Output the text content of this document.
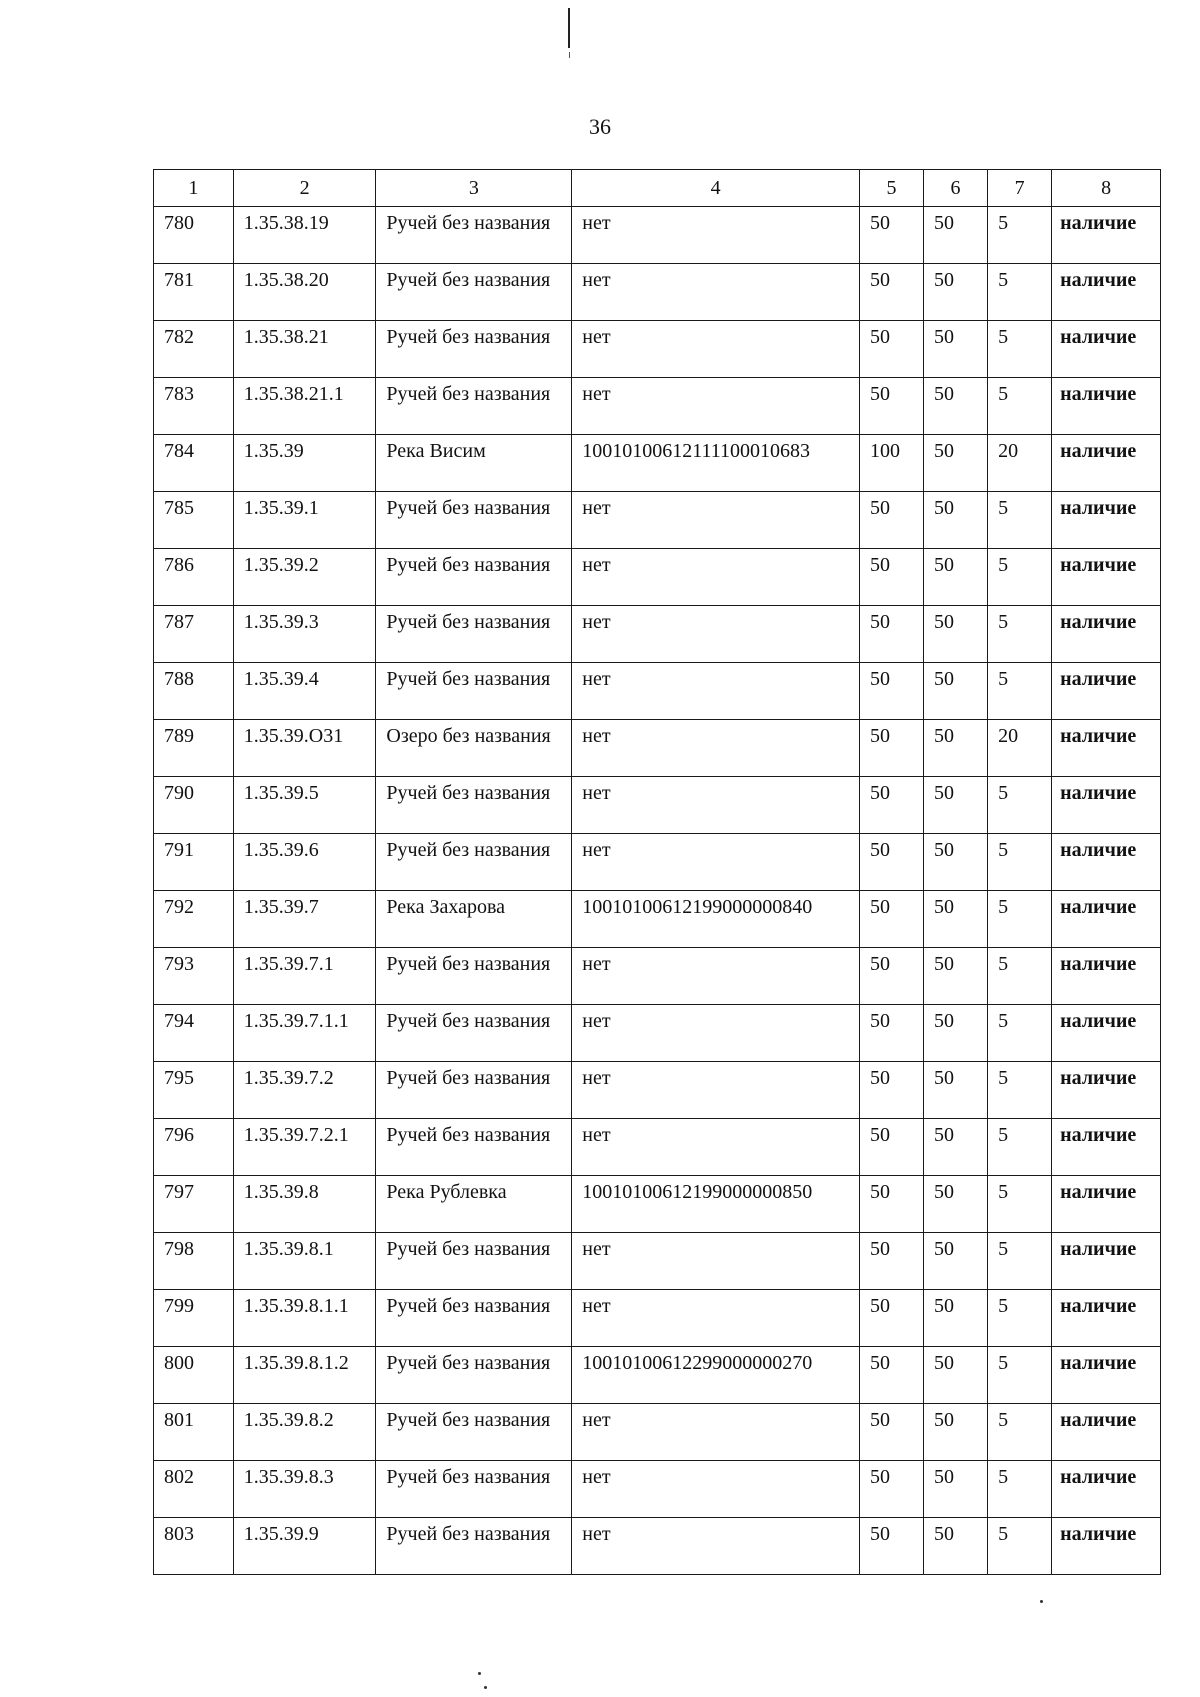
36
1	2	3	4	5	6	7	8
780	1.35.38.19	Ручей без названия	нет	50	50	5	наличие
781	1.35.38.20	Ручей без названия	нет	50	50	5	наличие
782	1.35.38.21	Ручей без названия	нет	50	50	5	наличие
783	1.35.38.21.1	Ручей без названия	нет	50	50	5	наличие
784	1.35.39	Река Висим	10010100612111100010683	100	50	20	наличие
785	1.35.39.1	Ручей без названия	нет	50	50	5	наличие
786	1.35.39.2	Ручей без названия	нет	50	50	5	наличие
787	1.35.39.3	Ручей без названия	нет	50	50	5	наличие
788	1.35.39.4	Ручей без названия	нет	50	50	5	наличие
789	1.35.39.О31	Озеро без названия	нет	50	50	20	наличие
790	1.35.39.5	Ручей без названия	нет	50	50	5	наличие
791	1.35.39.6	Ручей без названия	нет	50	50	5	наличие
792	1.35.39.7	Река Захарова	10010100612199000000840	50	50	5	наличие
793	1.35.39.7.1	Ручей без названия	нет	50	50	5	наличие
794	1.35.39.7.1.1	Ручей без названия	нет	50	50	5	наличие
795	1.35.39.7.2	Ручей без названия	нет	50	50	5	наличие
796	1.35.39.7.2.1	Ручей без названия	нет	50	50	5	наличие
797	1.35.39.8	Река Рублевка	10010100612199000000850	50	50	5	наличие
798	1.35.39.8.1	Ручей без названия	нет	50	50	5	наличие
799	1.35.39.8.1.1	Ручей без названия	нет	50	50	5	наличие
800	1.35.39.8.1.2	Ручей без названия	10010100612299000000270	50	50	5	наличие
801	1.35.39.8.2	Ручей без названия	нет	50	50	5	наличие
802	1.35.39.8.3	Ручей без названия	нет	50	50	5	наличие
803	1.35.39.9	Ручей без названия	нет	50	50	5	наличие
